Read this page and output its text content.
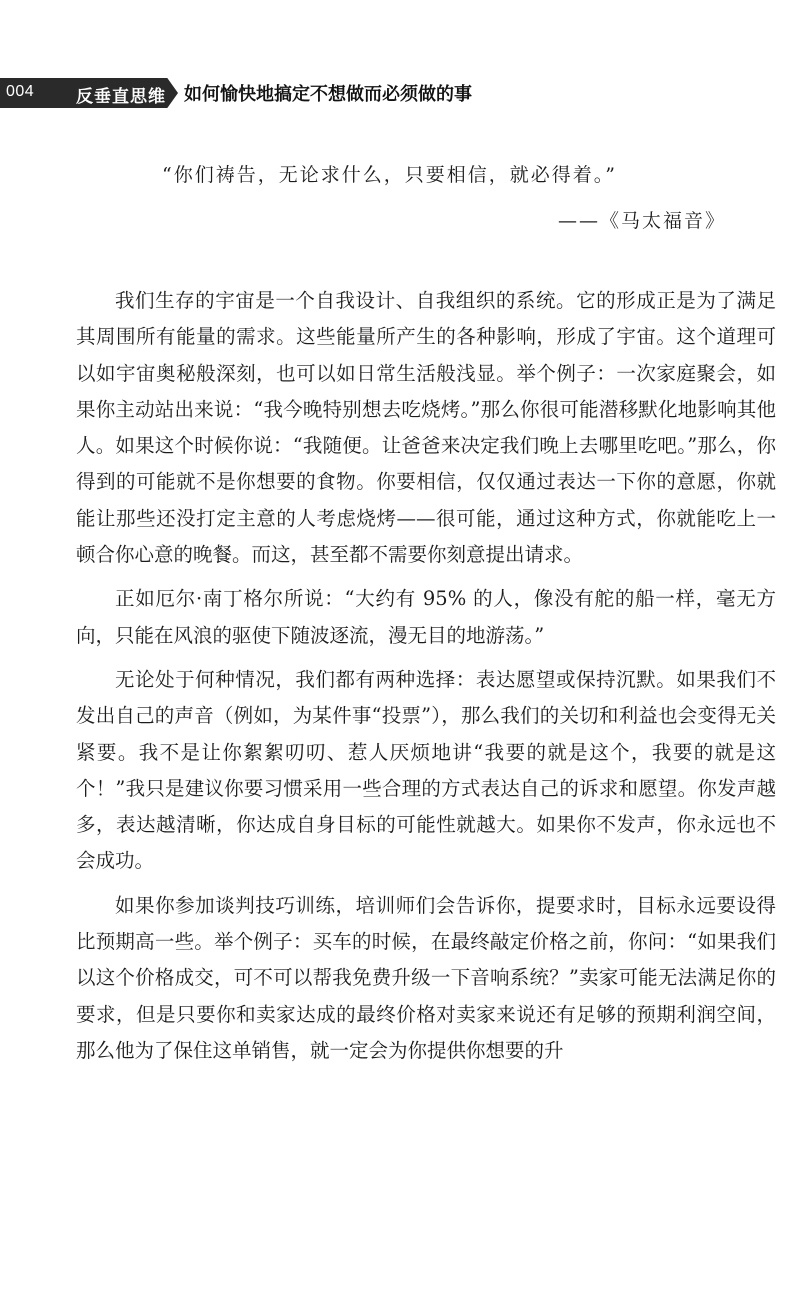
004 反垂直思维 如何愉快地搞定不想做而必须做的事
“你们祷告，无论求什么，只要相信，就必得着。”
——《马太福音》

我们生存的宇宙是一个自我设计、自我组织的系统。它的形成正是为了满足其周围所有能量的需求。这些能量所产生的各种影响，形成了宇宙。这个道理可以如宇宙奥秘般深刻，也可以如日常生活般浅显。举个例子：一次家庭聚会，如果你主动站出来说：“我今晚特别想去吃烧烤。”那么你很可能潜移默化地影响其他人。如果这个时候你说：“我随便。让爸爸来决定我们晚上去哪里吃吧。”那么，你得到的可能就不是你想要的食物。你要相信，仅仅通过表达一下你的意愿，你就能让那些还没打定主意的人考虑烧烤——很可能，通过这种方式，你就能吃上一顿合你心意的晚餐。而这，甚至都不需要你刻意提出请求。

正如厄尔·南丁格尔所说：“大约有 95% 的人，像没有舵的船一样，毫无方向，只能在风浪的驱使下随波逐流，漫无目的地游荡。”

无论处于何种情况，我们都有两种选择：表达愿望或保持沉默。如果我们不发出自己的声音（例如，为某件事“投票”），那么我们的关切和利益也会变得无关紧要。我不是让你絮絮叨叨、惹人厌烦地讲“我要的就是这个，我要的就是这个！”我只是建议你要习惯采用一些合理的方式表达自己的诉求和愿望。你发声越多，表达越清晰，你达成自身目标的可能性就越大。如果你不发声，你永远也不会成功。

如果你参加谈判技巧训练，培训师们会告诉你，提要求时，目标永远要设得比预期高一些。举个例子：买车的时候，在最终敲定价格之前，你问：“如果我们以这个价格成交，可不可以帮我免费升级一下音响系统？”卖家可能无法满足你的要求，但是只要你和卖家达成的最终价格对卖家来说还有足够的预期利润空间，那么他为了保住这单销售，就一定会为你提供你想要的升
